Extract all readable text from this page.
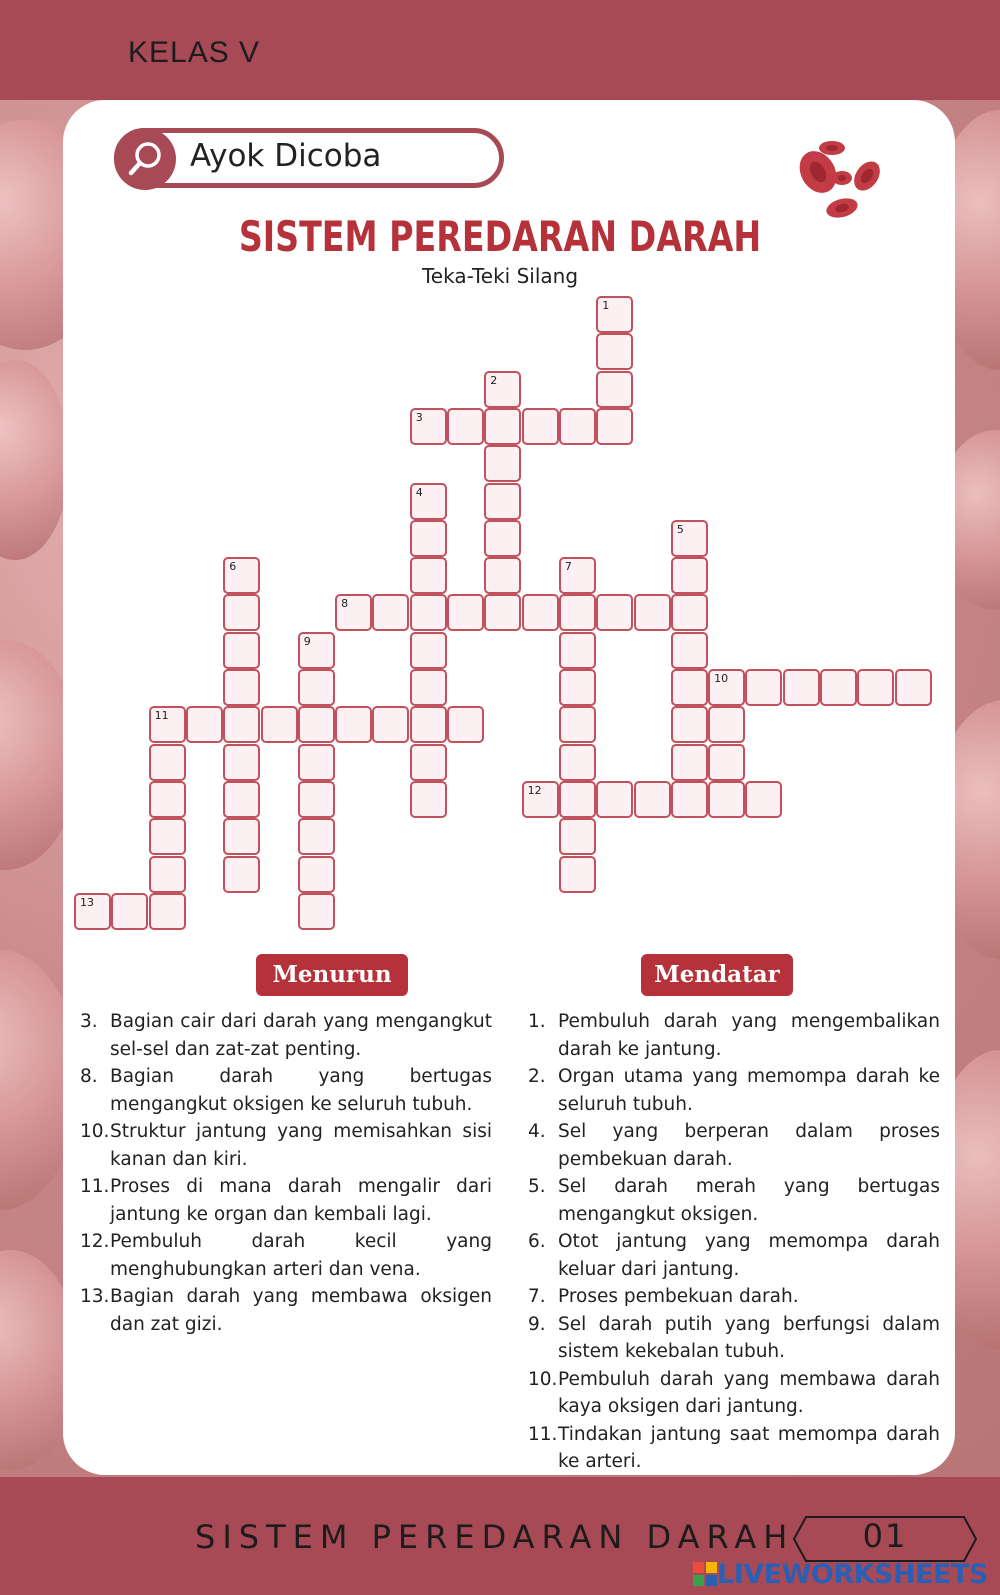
KELAS V
Ayok Dicoba
SISTEM PEREDARAN DARAH
Teka-Teki Silang
1
2
3
4
5
6	7
8
9
10
11
12
13
Menurun	Mendatar
3. Bagian cair dari darah yang mengangkut sel-sel dan zat-zat penting.
8. Bagian darah yang bertugas mengangkut oksigen ke seluruh tubuh.
10. Struktur jantung yang memisahkan sisi kanan dan kiri.
11. Proses di mana darah mengalir dari jantung ke organ dan kembali lagi.
12. Pembuluh darah kecil yang menghubungkan arteri dan vena.
13. Bagian darah yang membawa oksigen dan zat gizi.
1. Pembuluh darah yang mengembalikan darah ke jantung.
2. Organ utama yang memompa darah ke seluruh tubuh.
4. Sel yang berperan dalam proses pembekuan darah.
5. Sel darah merah yang bertugas mengangkut oksigen.
6. Otot jantung yang memompa darah keluar dari jantung.
7. Proses pembekuan darah.
9. Sel darah putih yang berfungsi dalam sistem kekebalan tubuh.
10. Pembuluh darah yang membawa darah kaya oksigen dari jantung.
11. Tindakan jantung saat memompa darah ke arteri.
SISTEM PEREDARAN DARAH	01
LIVEWORKSHEETS
